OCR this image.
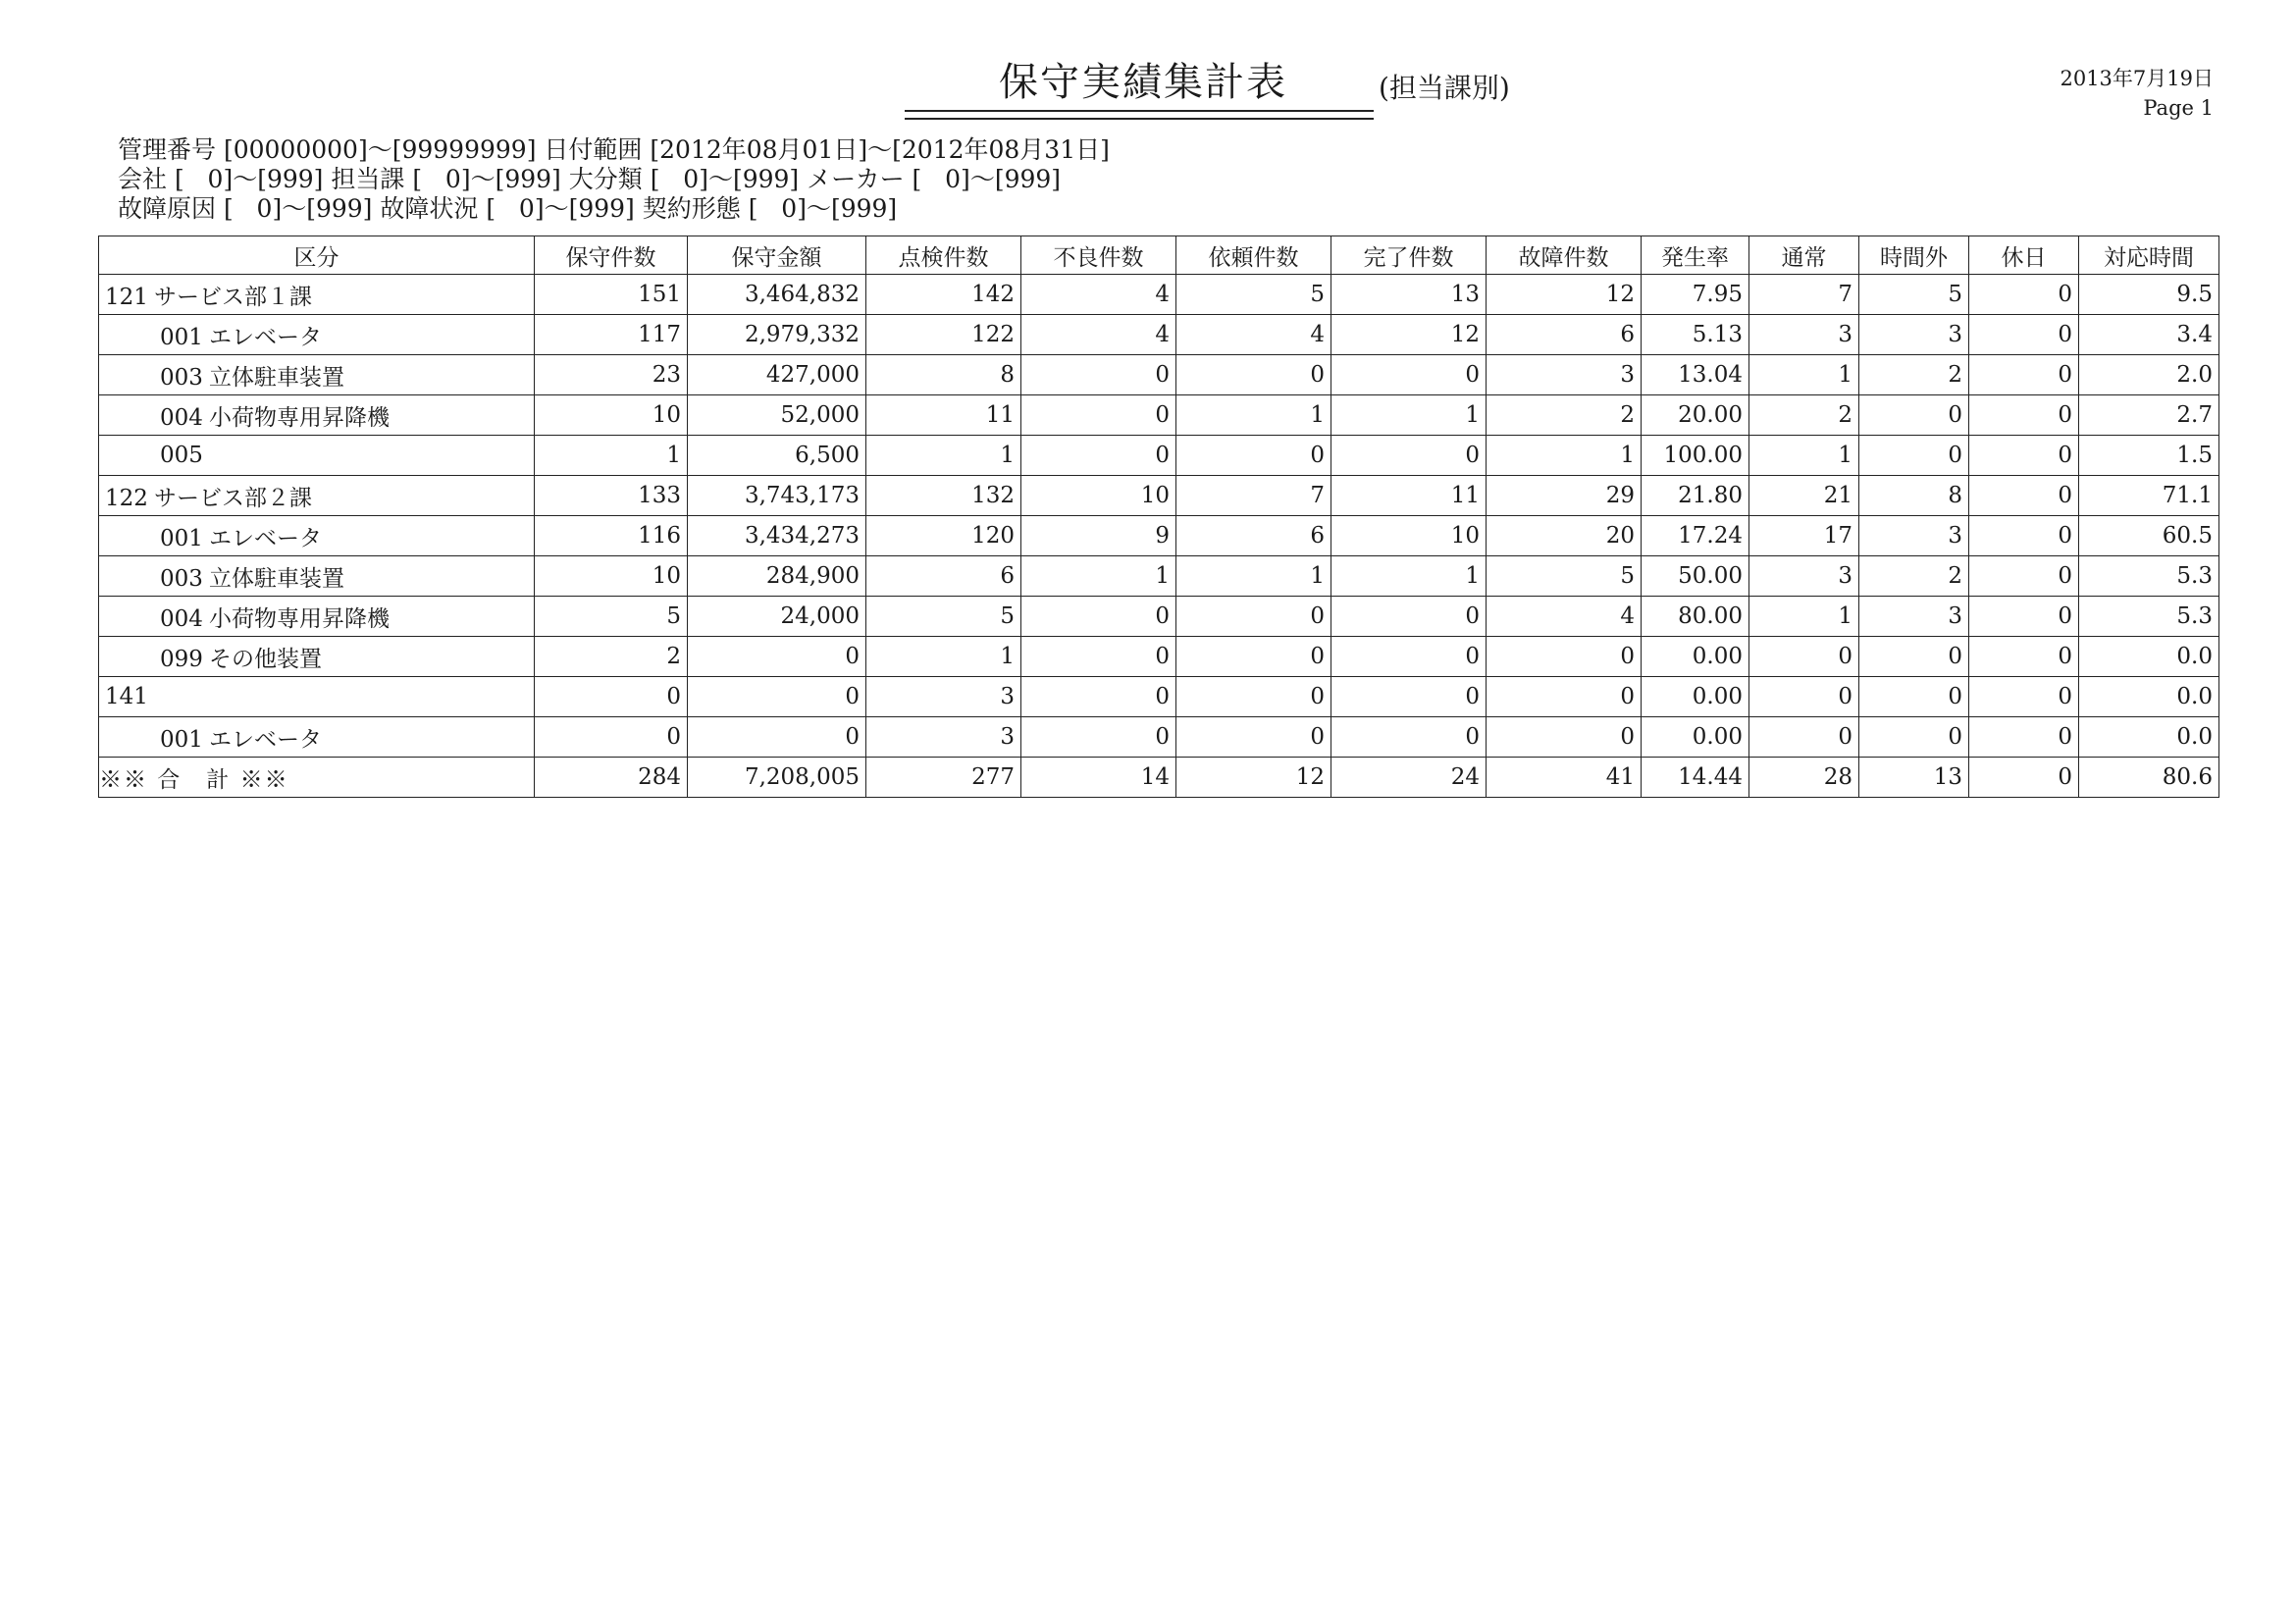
保守実績集計表	(担当課別)	2013年7月19日
Page 1
管理番号 [00000000]～[99999999] 日付範囲 [2012年08月01日]～[2012年08月31日]
会社 [   0]～[999] 担当課 [   0]～[999] 大分類 [   0]～[999] メーカー [   0]～[999]
故障原因 [   0]～[999] 故障状況 [   0]～[999] 契約形態 [   0]～[999]
区分	保守件数	保守金額	点検件数	不良件数	依頼件数	完了件数	故障件数	発生率	通常	時間外	休日	対応時間
121 サービス部１課	151	3,464,832	142	4	5	13	12	7.95	7	5	0	9.5
001 エレベータ	117	2,979,332	122	4	4	12	6	5.13	3	3	0	3.4
003 立体駐車装置	23	427,000	8	0	0	0	3	13.04	1	2	0	2.0
004 小荷物専用昇降機	10	52,000	11	0	1	1	2	20.00	2	0	0	2.7
005	1	6,500	1	0	0	0	1	100.00	1	0	0	1.5
122 サービス部２課	133	3,743,173	132	10	7	11	29	21.80	21	8	0	71.1
001 エレベータ	116	3,434,273	120	9	6	10	20	17.24	17	3	0	60.5
003 立体駐車装置	10	284,900	6	1	1	1	5	50.00	3	2	0	5.3
004 小荷物専用昇降機	5	24,000	5	0	0	0	4	80.00	1	3	0	5.3
099 その他装置	2	0	1	0	0	0	0	0.00	0	0	0	0.0
141	0	0	3	0	0	0	0	0.00	0	0	0	0.0
001 エレベータ	0	0	3	0	0	0	0	0.00	0	0	0	0.0
※※ 合　計 ※※	284	7,208,005	277	14	12	24	41	14.44	28	13	0	80.6
